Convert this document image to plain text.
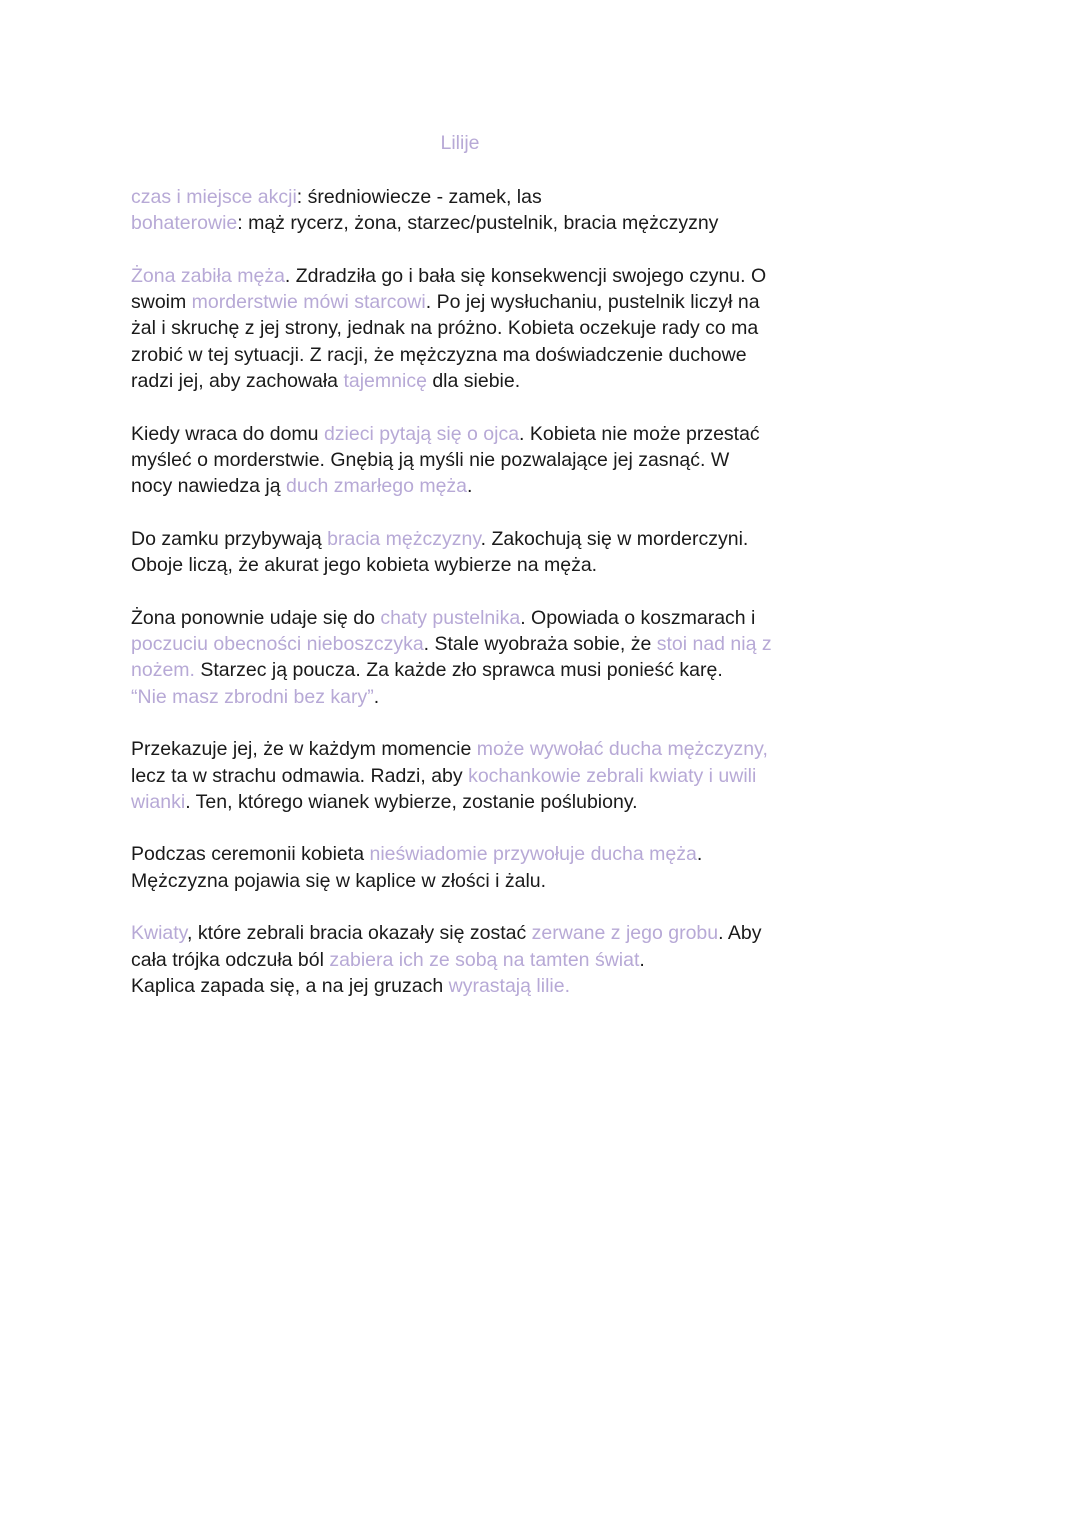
Lilije
czas i miejsce akcji: średniowiecze - zamek, las
bohaterowie: mąż rycerz, żona, starzec/pustelnik, bracia mężczyzny
Żona zabiła męża. Zdradziła go i bała się konsekwencji swojego czynu. O
swoim morderstwie mówi starcowi. Po jej wysłuchaniu, pustelnik liczył na
żal i skruchę z jej strony, jednak na próżno. Kobieta oczekuje rady co ma
zrobić w tej sytuacji. Z racji, że mężczyzna ma doświadczenie duchowe
radzi jej, aby zachowała tajemnicę dla siebie.
Kiedy wraca do domu dzieci pytają się o ojca. Kobieta nie może przestać
myśleć o morderstwie. Gnębią ją myśli nie pozwalające jej zasnąć. W
nocy nawiedza ją duch zmarłego męża.
Do zamku przybywają bracia mężczyzny. Zakochują się w morderczyni.
Oboje liczą, że akurat jego kobieta wybierze na męża.
Żona ponownie udaje się do chaty pustelnika. Opowiada o koszmarach i
poczuciu obecności nieboszczyka. Stale wyobraża sobie, że stoi nad nią z
nożem. Starzec ją poucza. Za każde zło sprawca musi ponieść karę.
“Nie masz zbrodni bez kary”.
Przekazuje jej, że w każdym momencie może wywołać ducha mężczyzny,
lecz ta w strachu odmawia. Radzi, aby kochankowie zebrali kwiaty i uwili
wianki. Ten, którego wianek wybierze, zostanie poślubiony.
Podczas ceremonii kobieta nieświadomie przywołuje ducha męża.
Mężczyzna pojawia się w kaplice w złości i żalu.
Kwiaty, które zebrali bracia okazały się zostać zerwane z jego grobu. Aby
cała trójka odczuła ból zabiera ich ze sobą na tamten świat.
Kaplica zapada się, a na jej gruzach wyrastają lilie.
